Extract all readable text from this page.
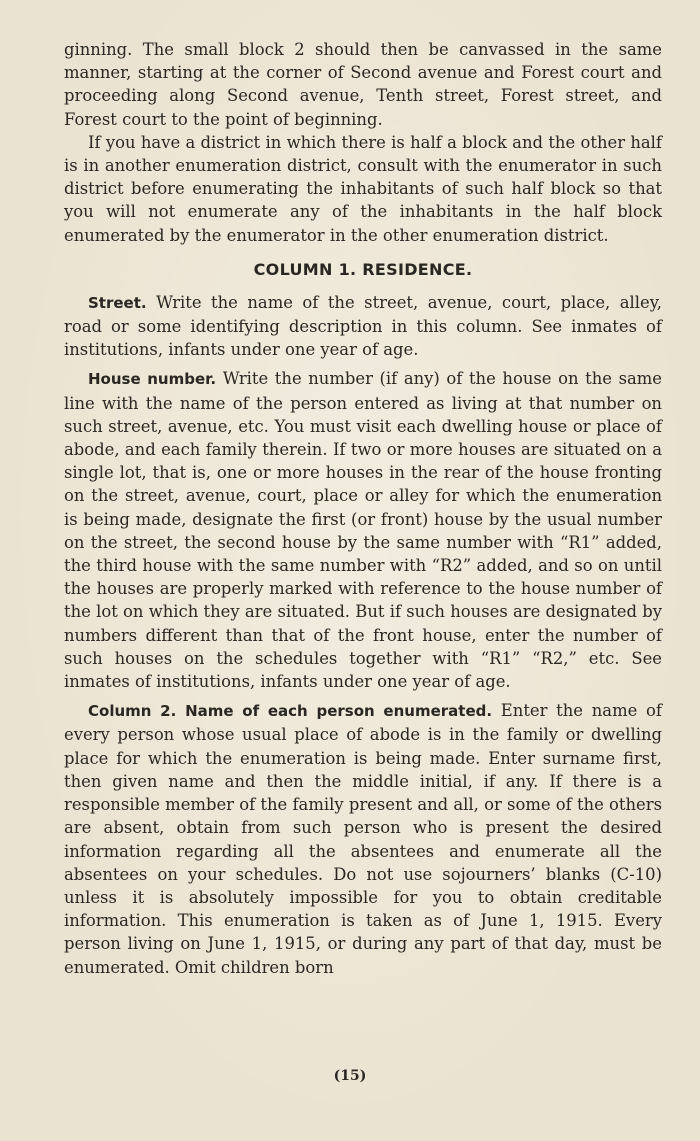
ginning. The small block 2 should then be canvassed in the same manner, starting at the corner of Second avenue and Forest court and proceeding along Second avenue, Tenth street, Forest street, and Forest court to the point of beginning.

If you have a district in which there is half a block and the other half is in another enumeration district, consult with the enumerator in such district before enumerating the inhabitants of such half block so that you will not enumerate any of the inhabitants in the half block enumerated by the enumerator in the other enumeration district.

COLUMN 1. RESIDENCE.

Street. Write the name of the street, avenue, court, place, alley, road or some identifying description in this column. See inmates of institutions, infants under one year of age.

House number. Write the number (if any) of the house on the same line with the name of the person entered as living at that number on such street, avenue, etc. You must visit each dwelling house or place of abode, and each family therein. If two or more houses are situated on a single lot, that is, one or more houses in the rear of the house fronting on the street, avenue, court, place or alley for which the enumeration is being made, designate the first (or front) house by the usual number on the street, the second house by the same number with “R1” added, the third house with the same number with “R2” added, and so on until the houses are properly marked with reference to the house number of the lot on which they are situated. But if such houses are designated by numbers different than that of the front house, enter the number of such houses on the schedules together with “R1” “R2,” etc. See inmates of institutions, infants under one year of age.

Column 2. Name of each person enumerated. Enter the name of every person whose usual place of abode is in the family or dwelling place for which the enumeration is being made. Enter surname first, then given name and then the middle initial, if any. If there is a responsible member of the family present and all, or some of the others are absent, obtain from such person who is present the desired information regarding all the absentees and enumerate all the absentees on your schedules. Do not use sojourners’ blanks (C-10) unless it is absolutely impossible for you to obtain creditable information. This enumeration is taken as of June 1, 1915. Every person living on June 1, 1915, or during any part of that day, must be enumerated. Omit children born

(15)
